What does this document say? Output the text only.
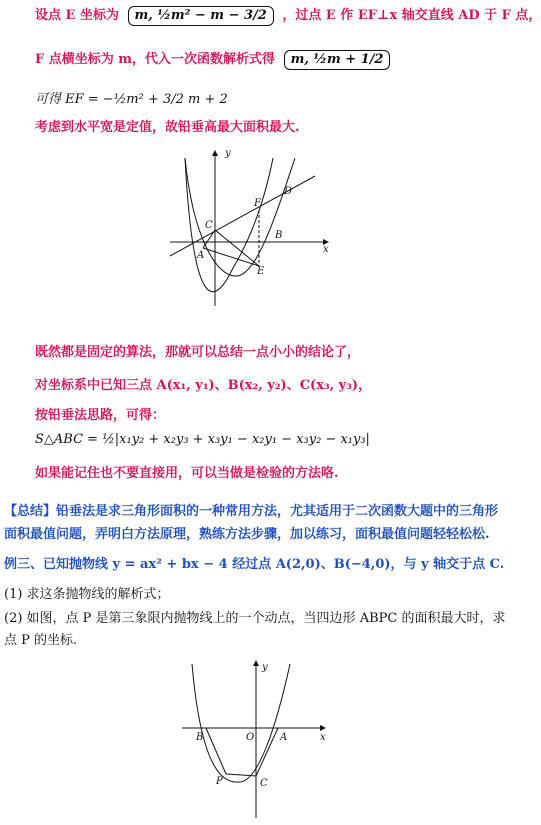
设点 E 坐标为 m, ½m² − m − 3/2 ，过点 E 作 EF⊥x 轴交直线 AD 于 F 点，
F 点横坐标为 m，代入一次函数解析式得 m, ½m + 1/2
可得 EF = −½m² + 3/2 m + 2
考虑到水平宽是定值，故铅垂高最大面积最大.
y
x
D
F
C
B
A
E
既然都是固定的算法，那就可以总结一点小小的结论了，
对坐标系中已知三点 A(x₁, y₁)、B(x₂, y₂)、C(x₃, y₃)，
按铅垂法思路，可得：
S△ABC = ½|x₁y₂ + x₂y₃ + x₃y₁ − x₂y₁ − x₃y₂ − x₁y₃|
如果能记住也不要直接用，可以当做是检验的方法咯.
【总结】铅垂法是求三角形面积的一种常用方法，尤其适用于二次函数大题中的三角形
面积最值问题，弄明白方法原理，熟练方法步骤，加以练习，面积最值问题轻轻松松.
例三、已知抛物线 y = ax² + bx − 4 经过点 A(2,0)、B(−4,0)，与 y 轴交于点 C.
(1) 求这条抛物线的解析式；
(2) 如图，点 P 是第三象限内抛物线上的一个动点，当四边形 ABPC 的面积最大时，求
点 P 的坐标.
y
x
B	O	A
P	C
